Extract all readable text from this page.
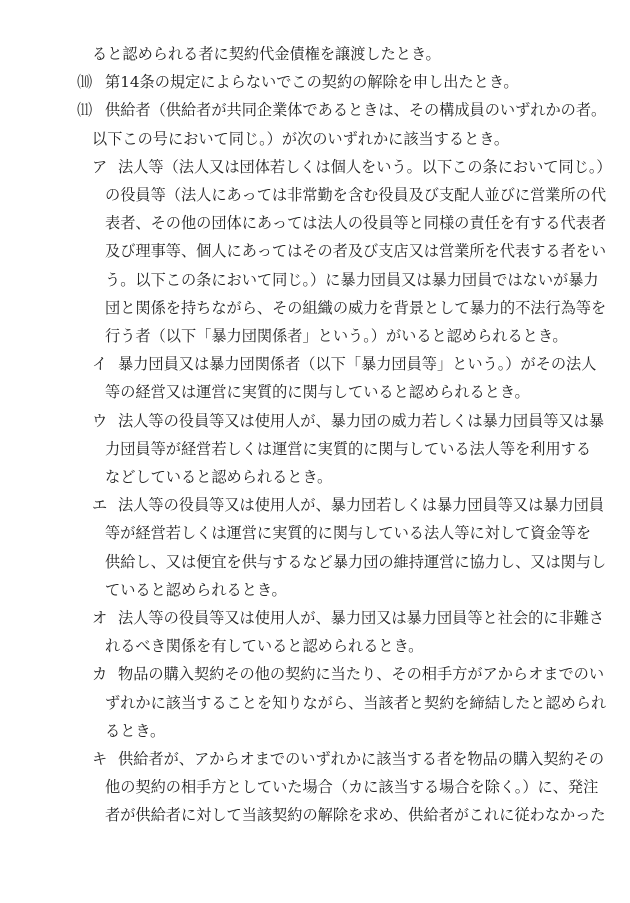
ると認められる者に契約代金債権を譲渡したとき。
⑽ 第14条の規定によらないでこの契約の解除を申し出たとき。
⑾ 供給者（供給者が共同企業体であるときは、その構成員のいずれかの者。
以下この号において同じ。）が次のいずれかに該当するとき。
ア 法人等（法人又は団体若しくは個人をいう。以下この条において同じ。）
の役員等（法人にあっては非常勤を含む役員及び支配人並びに営業所の代
表者、その他の団体にあっては法人の役員等と同様の責任を有する代表者
及び理事等、個人にあってはその者及び支店又は営業所を代表する者をい
う。以下この条において同じ。）に暴力団員又は暴力団員ではないが暴力
団と関係を持ちながら、その組織の威力を背景として暴力的不法行為等を
行う者（以下「暴力団関係者」という。）がいると認められるとき。
イ 暴力団員又は暴力団関係者（以下「暴力団員等」という。）がその法人
等の経営又は運営に実質的に関与していると認められるとき。
ウ 法人等の役員等又は使用人が、暴力団の威力若しくは暴力団員等又は暴
力団員等が経営若しくは運営に実質的に関与している法人等を利用する
などしていると認められるとき。
エ 法人等の役員等又は使用人が、暴力団若しくは暴力団員等又は暴力団員
等が経営若しくは運営に実質的に関与している法人等に対して資金等を
供給し、又は便宜を供与するなど暴力団の維持運営に協力し、又は関与し
ていると認められるとき。
オ 法人等の役員等又は使用人が、暴力団又は暴力団員等と社会的に非難さ
れるべき関係を有していると認められるとき。
カ 物品の購入契約その他の契約に当たり、その相手方がアからオまでのい
ずれかに該当することを知りながら、当該者と契約を締結したと認められ
るとき。
キ 供給者が、アからオまでのいずれかに該当する者を物品の購入契約その
他の契約の相手方としていた場合（カに該当する場合を除く。）に、発注
者が供給者に対して当該契約の解除を求め、供給者がこれに従わなかった
